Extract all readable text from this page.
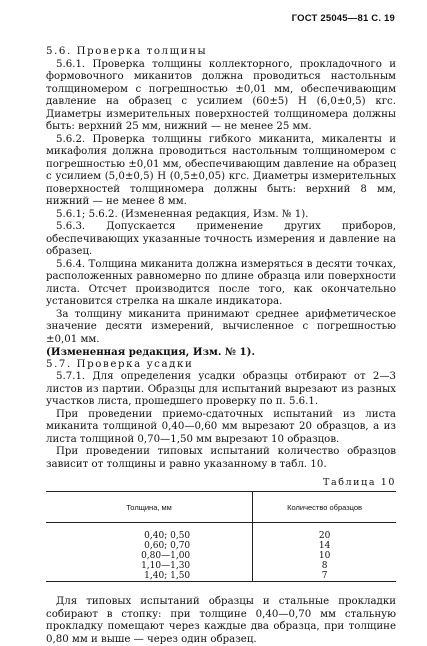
ГОСТ 25045—81 С. 19

5.6. Проверка толщины

5.6.1. Проверка толщины коллекторного, прокладочного и формовочного миканитов должна проводиться настольным толщиномером с погрешностью ±0,01 мм, обеспечивающим давление на образец с усилием (60±5) Н (6,0±0,5) кгс. Диаметры измерительных поверхностей толщиномера должны быть: верхний 25 мм, нижний — не менее 25 мм.

5.6.2. Проверка толщины гибкого миканита, микаленты и микафолия должна проводиться настольным толщиномером с погрешностью ±0,01 мм, обеспечивающим давление на образец с усилием (5,0±0,5) Н (0,5±0,05) кгс. Диаметры измерительных поверхностей толщиномера должны быть: верхний 8 мм, нижний — не менее 8 мм.

5.6.1; 5.6.2. (Измененная редакция, Изм. № 1).

5.6.3. Допускается применение других приборов, обеспечивающих указанные точность измерения и давление на образец.

5.6.4. Толщина миканита должна измеряться в десяти точках, расположенных равномерно по длине образца или поверхности листа. Отсчет производится после того, как окончательно установится стрелка на шкале индикатора.

За толщину миканита принимают среднее арифметическое значение десяти измерений, вычисленное с погрешностью ±0,01 мм.

(Измененная редакция, Изм. № 1).

5.7. Проверка усадки

5.7.1. Для определения усадки образцы отбирают от 2—3 листов из партии. Образцы для испытаний вырезают из разных участков листа, прошедшего проверку по п. 5.6.1.

При проведении приемо-сдаточных испытаний из листа миканита толщиной 0,40—0,60 мм вырезают 20 образцов, а из листа толщиной 0,70—1,50 мм вырезают 10 образцов.

При проведении типовых испытаний количество образцов зависит от толщины и равно указанному в табл. 10.

Таблица 10
Толщина, мм	Количество образцов
0,40; 0,50	20
0,60; 0,70	14
0,80—1,00	10
1,10—1,30	8
1,40; 1,50	7

Для типовых испытаний образцы и стальные прокладки собирают в стопку: при толщине 0,40—0,70 мм стальную прокладку помещают через каждые два образца, при толщине 0,80 мм и выше — через один образец.
